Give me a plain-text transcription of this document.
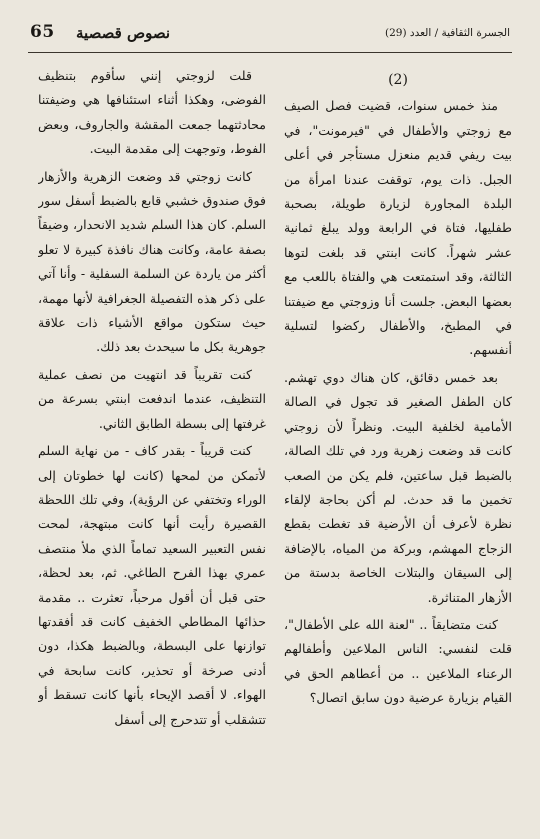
65 نصوص قصصية	الجسرة الثقافية / العدد (29)
(2)

منذ خمس سنوات، قضيت فصل الصيف مع زوجتي والأطفال في "فيرمونت"، في بيت ريفي قديم منعزل مستأجر في أعلى الجبل. ذات يوم، توقفت عندنا امرأة من البلدة المجاورة لزيارة طويلة، بصحبة طفليها، فتاة في الرابعة وولد يبلغ ثمانية عشر شهراً. كانت ابنتي قد بلغت لتوها الثالثة، وقد استمتعت هي والفتاة باللعب مع بعضها البعض. جلست أنا وزوجتي مع ضيفتنا في المطبخ، والأطفال ركضوا لتسلية أنفسهم.

بعد خمس دقائق، كان هناك دوي تهشم. كان الطفل الصغير قد تجول في الصالة الأمامية لخلفية البيت. ونظراً لأن زوجتي كانت قد وضعت زهرية ورد في تلك الصالة، بالضبط قبل ساعتين، فلم يكن من الصعب تخمين ما قد حدث. لم أكن بحاجة لإلقاء نظرة لأعرف أن الأرضية قد تغطت بقطع الزجاج المهشم، وبركة من المياه، بالإضافة إلى السيقان والبتلات الخاصة بدستة من الأزهار المتناثرة.

كنت متضايقاً .. "لعنة الله على الأطفال"، قلت لنفسي: الناس الملاعين وأطفالهم الرعناء الملاعين .. من أعطاهم الحق في القيام بزيارة عرضية دون سابق اتصال؟

قلت لزوجتي إنني سأقوم بتنظيف الفوضى، وهكذا أثناء استئنافها هي وضيفتنا محادثتهما جمعت المقشة والجاروف، وبعض الفوط، وتوجهت إلى مقدمة البيت.

كانت زوجتي قد وضعت الزهرية والأزهار فوق صندوق خشبي قابع بالضبط أسفل سور السلم. كان هذا السلم شديد الانحدار، وضيقاً بصفة عامة، وكانت هناك نافذة كبيرة لا تعلو أكثر من ياردة عن السلمة السفلية - وأنا آتي على ذكر هذه التفصيلة الجغرافية لأنها مهمة، حيث ستكون مواقع الأشياء ذات علاقة جوهرية بكل ما سيحدث بعد ذلك.

كنت تقريباً قد انتهيت من نصف عملية التنظيف، عندما اندفعت ابنتي بسرعة من غرفتها إلى بسطة الطابق الثاني.

كنت قريباً - بقدر كاف - من نهاية السلم لأتمكن من لمحها (كانت لها خطوتان إلى الوراء وتختفي عن الرؤية)، وفي تلك اللحظة القصيرة رأيت أنها كانت مبتهجة، لمحت نفس التعبير السعيد تماماً الذي ملأ منتصف عمري بهذا الفرح الطاغي. ثم، بعد لحظة، حتى قبل أن أقول مرحباً، تعثرت .. مقدمة حذائها المطاطي الخفيف كانت قد أفقدتها توازنها على البسطة، وبالضبط هكذا، دون أدنى صرخة أو تحذير، كانت سابحة في الهواء. لا أقصد الإيحاء بأنها كانت تسقط أو تتشقلب أو تتدحرج إلى أسفل
